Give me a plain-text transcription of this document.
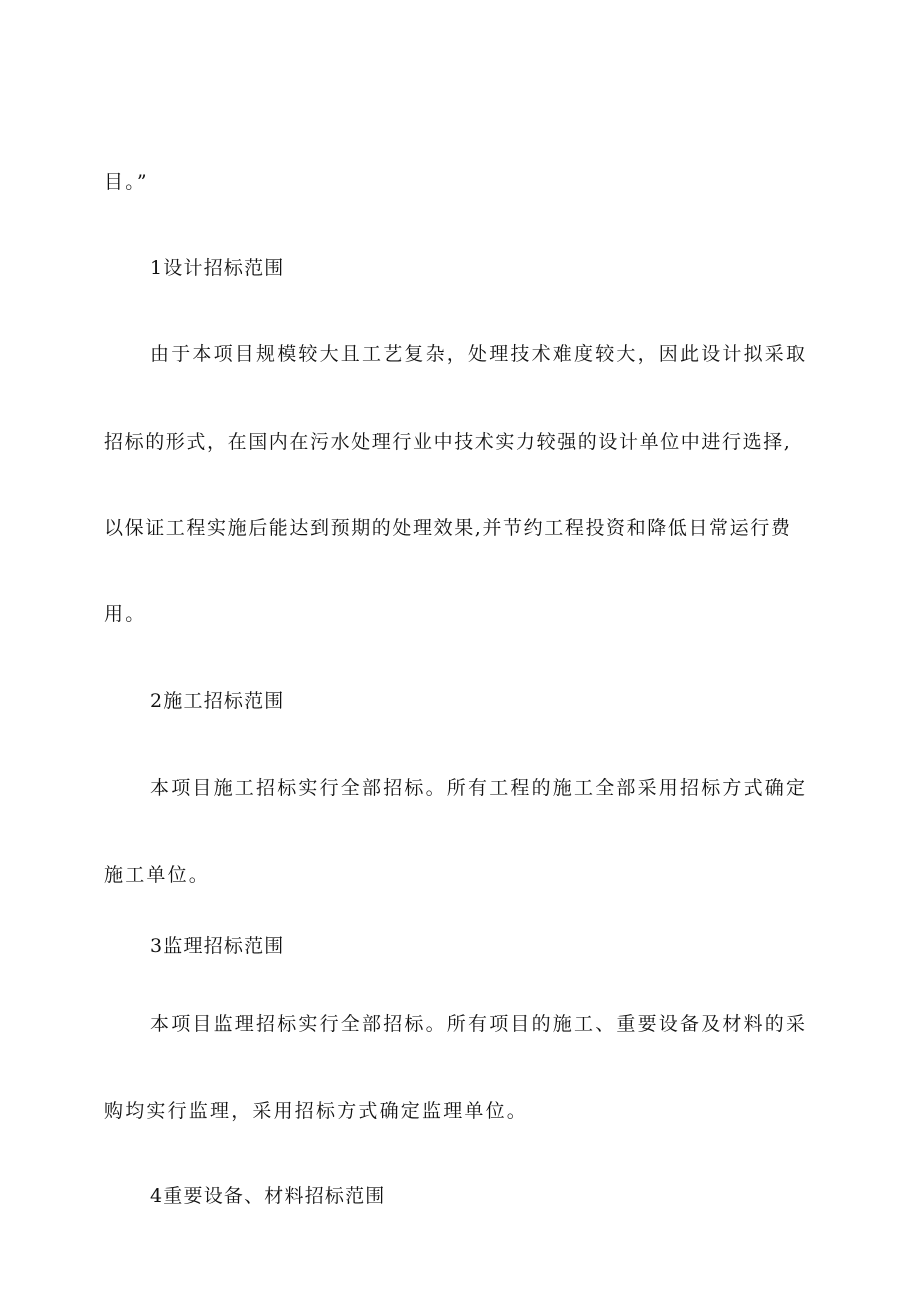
目。”

1设计招标范围

由于本项目规模较大且工艺复杂，处理技术难度较大，因此设计拟采取

招标的形式，在国内在污水处理行业中技术实力较强的设计单位中进行选择,

以保证工程实施后能达到预期的处理效果,并节约工程投资和降低日常运行费

用。

2施工招标范围

本项目施工招标实行全部招标。所有工程的施工全部采用招标方式确定

施工单位。

3监理招标范围

本项目监理招标实行全部招标。所有项目的施工、重要设备及材料的采

购均实行监理，采用招标方式确定监理单位。

4重要设备、材料招标范围
